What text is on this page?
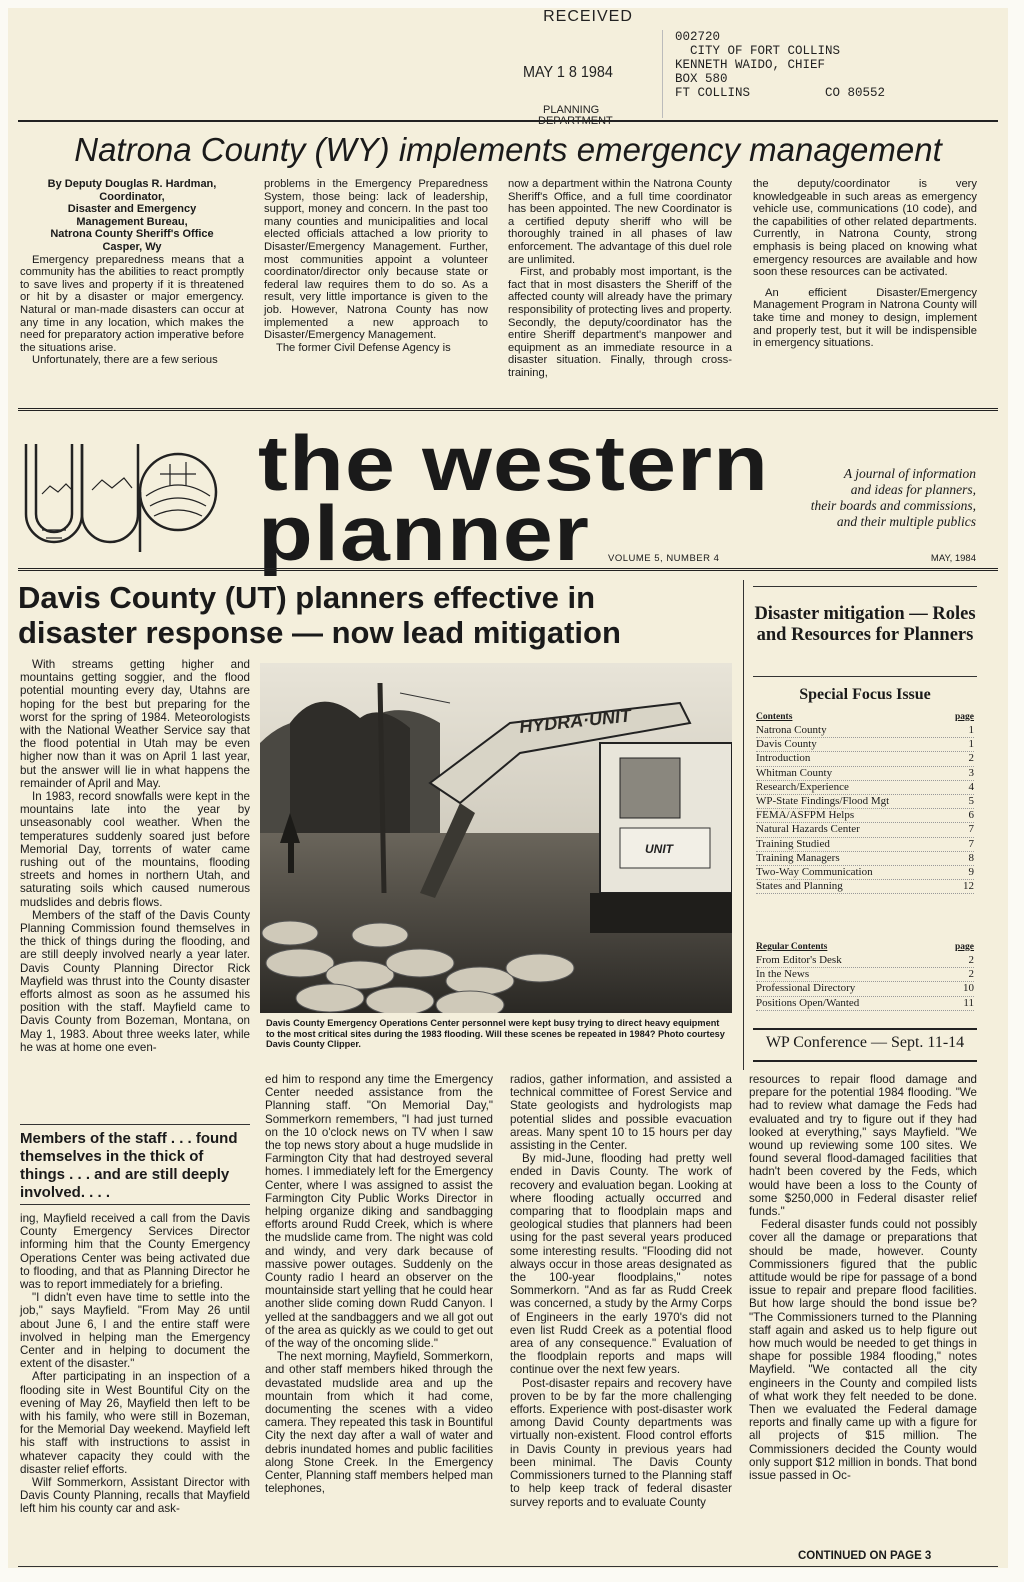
RECEIVED
MAY 1 8 1984
PLANNING
DEPARTMENT
002720
CITY OF FORT COLLINS
KENNETH WAIDO, CHIEF
BOX 580
FT COLLINS          CO 80552
Natrona County (WY) implements emergency management
By Deputy Douglas R. Hardman,
Coordinator,
Disaster and Emergency
Management Bureau,
Natrona County Sheriff's Office
Casper, Wy

Emergency preparedness means that a community has the abilities to react promptly to save lives and property if it is threatened or hit by a disaster or major emergency. Natural or man-made disasters can occur at any time in any location, which makes the need for preparatory action imperative before the situations arise.

Unfortunately, there are a few serious

problems in the Emergency Preparedness System, those being: lack of leadership, support, money and concern. In the past too many counties and municipalities and local elected officials attached a low priority to Disaster/Emergency Management. Further, most communities appoint a volunteer coordinator/director only because state or federal law requires them to do so. As a result, very little importance is given to the job. However, Natrona County has now implemented a new approach to Disaster/Emergency Management.

The former Civil Defense Agency is

now a department within the Natrona County Sheriff's Office, and a full time coordinator has been appointed. The new Coordinator is a certified deputy sheriff who will be thoroughly trained in all phases of law enforcement. The advantage of this duel role are unlimited.

First, and probably most important, is the fact that in most disasters the Sheriff of the affected county will already have the primary responsibility of protecting lives and property. Secondly, the deputy/coordinator has the entire Sheriff department's manpower and equipment as an immediate resource in a disaster situation. Finally, through cross-training,

the deputy/coordinator is very knowledgeable in such areas as emergency vehicle use, communications (10 code), and the capabilities of other related departments. Currently, in Natrona County, strong emphasis is being placed on knowing what emergency resources are available and how soon these resources can be activated.

An efficient Disaster/Emergency Management Program in Natrona County will take time and money to design, implement and properly test, but it will be indispensible in emergency situations.

the western
planner
A journal of information
and ideas for planners,
their boards and commissions,
and their multiple publics
VOLUME 5, NUMBER 4	MAY, 1984
Davis County (UT) planners effective in
disaster response — now lead mitigation

With streams getting higher and mountains getting soggier, and the flood potential mounting every day, Utahns are hoping for the best but preparing for the worst for the spring of 1984. Meteorologists with the National Weather Service say that the flood potential in Utah may be even higher now than it was on April 1 last year, but the answer will lie in what happens the remainder of April and May.

In 1983, record snowfalls were kept in the mountains late into the year by unseasonably cool weather. When the temperatures suddenly soared just before Memorial Day, torrents of water came rushing out of the mountains, flooding streets and homes in northern Utah, and saturating soils which caused numerous mudslides and debris flows.

Members of the staff of the Davis County Planning Commission found themselves in the thick of things during the flooding, and are still deeply involved nearly a year later. Davis County Planning Director Rick Mayfield was thrust into the County disaster efforts almost as soon as he assumed his position with the staff. Mayfield came to Davis County from Bozeman, Montana, on May 1, 1983. About three weeks later, while he was at home one even-

Members of the staff . . . found themselves in the thick of things . . . and are still deeply involved. . . .

ing, Mayfield received a call from the Davis County Emergency Services Director informing him that the County Emergency Operations Center was being activated due to flooding, and that as Planning Director he was to report immediately for a briefing.

"I didn't even have time to settle into the job," says Mayfield. "From May 26 until about June 6, I and the entire staff were involved in helping man the Emergency Center and in helping to document the extent of the disaster."

After participating in an inspection of a flooding site in West Bountiful City on the evening of May 26, Mayfield then left to be with his family, who were still in Bozeman, for the Memorial Day weekend. Mayfield left his staff with instructions to assist in whatever capacity they could with the disaster relief efforts.

Wilf Sommerkorn, Assistant Director with Davis County Planning, recalls that Mayfield left him his county car and ask-

HYDRA·UNIT
UNIT
Davis County Emergency Operations Center personnel were kept busy trying to direct heavy equipment to the most critical sites during the 1983 flooding. Will these scenes be repeated in 1984? Photo courtesy Davis County Clipper.

ed him to respond any time the Emergency Center needed assistance from the Planning staff. "On Memorial Day," Sommerkorn remembers, "I had just turned on the 10 o'clock news on TV when I saw the top news story about a huge mudslide in Farmington City that had destroyed several homes. I immediately left for the Emergency Center, where I was assigned to assist the Farmington City Public Works Director in helping organize diking and sandbagging efforts around Rudd Creek, which is where the mudslide came from. The night was cold and windy, and very dark because of massive power outages. Suddenly on the County radio I heard an observer on the mountainside start yelling that he could hear another slide coming down Rudd Canyon. I yelled at the sandbaggers and we all got out of the area as quickly as we could to get out of the way of the oncoming slide."

The next morning, Mayfield, Sommerkorn, and other staff members hiked through the devastated mudslide area and up the mountain from which it had come, documenting the scenes with a video camera. They repeated this task in Bountiful City the next day after a wall of water and debris inundated homes and public facilities along Stone Creek. In the Emergency Center, Planning staff members helped man telephones,

radios, gather information, and assisted a technical committee of Forest Service and State geologists and hydrologists map potential slides and possible evacuation areas. Many spent 10 to 15 hours per day assisting in the Center.

By mid-June, flooding had pretty well ended in Davis County. The work of recovery and evaluation began. Looking at where flooding actually occurred and comparing that to floodplain maps and geological studies that planners had been using for the past several years produced some interesting results. "Flooding did not always occur in those areas designated as the 100-year floodplains," notes Sommerkorn. "And as far as Rudd Creek was concerned, a study by the Army Corps of Engineers in the early 1970's did not even list Rudd Creek as a potential flood area of any consequence." Evaluation of the floodplain reports and maps will continue over the next few years.

Post-disaster repairs and recovery have proven to be by far the more challenging efforts. Experience with post-disaster work among David County departments was virtually non-existent. Flood control efforts in Davis County in previous years had been minimal. The Davis County Commissioners turned to the Planning staff to help keep track of federal disaster survey reports and to evaluate County

resources to repair flood damage and prepare for the potential 1984 flooding. "We had to review what damage the Feds had evaluated and try to figure out if they had looked at everything," says Mayfield. "We wound up reviewing some 100 sites. We found several flood-damaged facilities that hadn't been covered by the Feds, which would have been a loss to the County of some $250,000 in Federal disaster relief funds."

Federal disaster funds could not possibly cover all the damage or preparations that should be made, however. County Commissioners figured that the public attitude would be ripe for passage of a bond issue to repair and prepare flood facilities. But how large should the bond issue be? "The Commissioners turned to the Planning staff again and asked us to help figure out how much would be needed to get things in shape for possible 1984 flooding," notes Mayfield. "We contacted all the city engineers in the County and compiled lists of what work they felt needed to be done. Then we evaluated the Federal damage reports and finally came up with a figure for all projects of $15 million. The Commissioners decided the County would only support $12 million in bonds. That bond issue passed in Oc-

CONTINUED ON PAGE 3
Disaster mitigation — Roles and Resources for Planners
Special Focus Issue
Contents	page
Natrona County	1
Davis County	1
Introduction	2
Whitman County	3
Research/Experience	4
WP-State Findings/Flood Mgt	5
FEMA/ASFPM Helps	6
Natural Hazards Center	7
Training Studied	7
Training Managers	8
Two-Way Communication	9
States and Planning	12
Regular Contents	page
From Editor's Desk	2
In the News	2
Professional Directory	10
Positions Open/Wanted	11
WP Conference — Sept. 11-14
